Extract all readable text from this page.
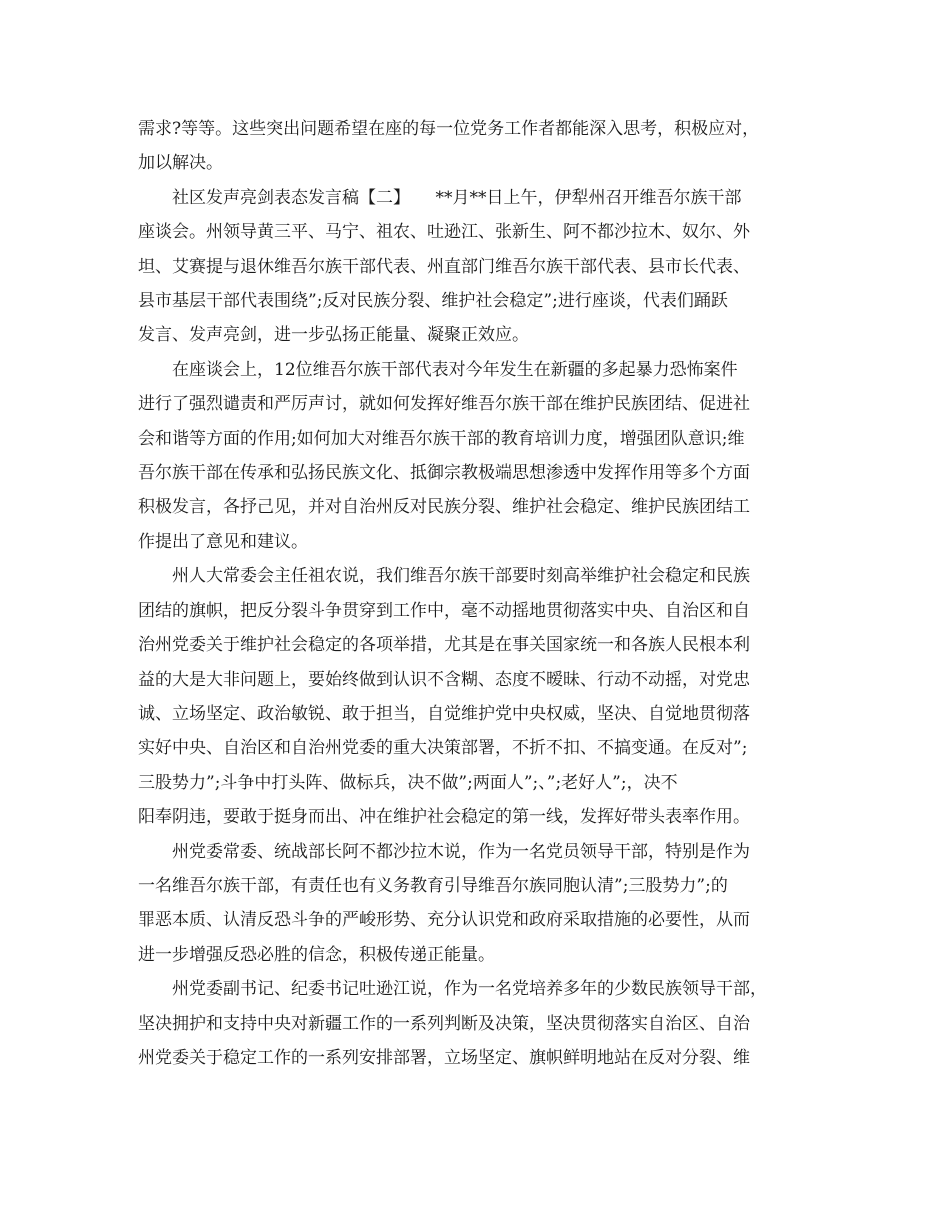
需求?等等。这些突出问题希望在座的每一位党务工作者都能深入思考，积极应对，
加以解决。
社区发声亮剑表态发言稿【二】　　**月**日上午，伊犁州召开维吾尔族干部
座谈会。州领导黄三平、马宁、祖农、吐逊江、张新生、阿不都沙拉木、奴尔、外
坦、艾赛提与退休维吾尔族干部代表、州直部门维吾尔族干部代表、县市长代表、
县市基层干部代表围绕”;反对民族分裂、维护社会稳定”;进行座谈，代表们踊跃
发言、发声亮剑，进一步弘扬正能量、凝聚正效应。
在座谈会上，12位维吾尔族干部代表对今年发生在新疆的多起暴力恐怖案件
进行了强烈谴责和严厉声讨，就如何发挥好维吾尔族干部在维护民族团结、促进社
会和谐等方面的作用;如何加大对维吾尔族干部的教育培训力度，增强团队意识;维
吾尔族干部在传承和弘扬民族文化、抵御宗教极端思想渗透中发挥作用等多个方面
积极发言，各抒己见，并对自治州反对民族分裂、维护社会稳定、维护民族团结工
作提出了意见和建议。
州人大常委会主任祖农说，我们维吾尔族干部要时刻高举维护社会稳定和民族
团结的旗帜，把反分裂斗争贯穿到工作中，毫不动摇地贯彻落实中央、自治区和自
治州党委关于维护社会稳定的各项举措，尤其是在事关国家统一和各族人民根本利
益的大是大非问题上，要始终做到认识不含糊、态度不暧昧、行动不动摇，对党忠
诚、立场坚定、政治敏锐、敢于担当，自觉维护党中央权威，坚决、自觉地贯彻落
实好中央、自治区和自治州党委的重大决策部署，不折不扣、不搞变通。在反对”;
三股势力”;斗争中打头阵、做标兵，决不做”;两面人”;、”;老好人”;，决不
阳奉阴违，要敢于挺身而出、冲在维护社会稳定的第一线，发挥好带头表率作用。
州党委常委、统战部长阿不都沙拉木说，作为一名党员领导干部，特别是作为
一名维吾尔族干部，有责任也有义务教育引导维吾尔族同胞认清”;三股势力”;的
罪恶本质、认清反恐斗争的严峻形势、充分认识党和政府采取措施的必要性，从而
进一步增强反恐必胜的信念，积极传递正能量。
州党委副书记、纪委书记吐逊江说，作为一名党培养多年的少数民族领导干部，
坚决拥护和支持中央对新疆工作的一系列判断及决策，坚决贯彻落实自治区、自治
州党委关于稳定工作的一系列安排部署，立场坚定、旗帜鲜明地站在反对分裂、维
